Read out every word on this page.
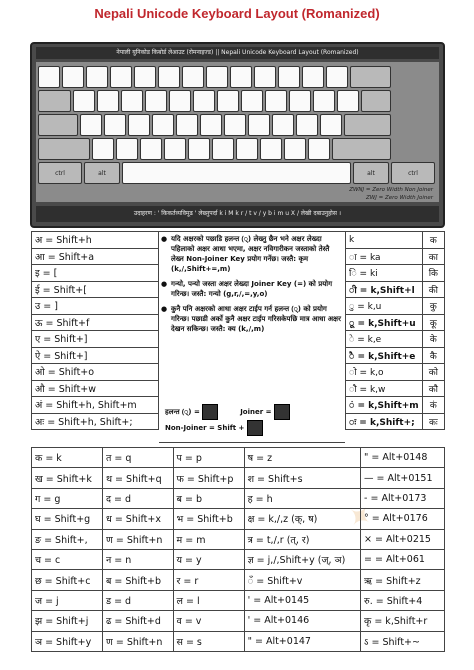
Nepali Unicode Keyboard Layout (Romanized)
नेपाली युनिकोड किबोर्ड लेआउट (रोमनाइज्ड) || Nepali Unicode Keyboard Layout (Romanized)
ctrl	alt	alt	ctrl
ZWNJ = Zero Width Non Joiner
ZWJ = Zero Width Joiner
उदाहरण : ' किकर्तव्यविमूढ ' लेख्नुपर्दा k i M k r / t v / y b i m u X / लेखी दबाउनुहोस ।
अ = Shift+h
आ = Shift+a
इ = [
ई = Shift+[
उ = ]
ऊ = Shift+f
ए = Shift+]
ऐ = Shift+]
ओ = Shift+o
औ = Shift+w
अं = Shift+h, Shift+m
अः = Shift+h, Shift+;
✦

● यदि अक्षरको पछाडि हलन्त (्) लेख्नु छैन भने अक्षर लेख्दा पहिलाको अक्षर आधा भएमा, अक्षर नविगारीकन जस्ताको तेस्तै लेख्न Non-Joiner Key प्रयोग गर्नेछ। जस्तै: कृम (k,/,Shift+=,m)

● गन्यो, पन्यो जस्ता अक्षर लेख्दा Joiner Key (=) को प्रयोग गरिन्छ। जस्तै: गन्यो (g,r,/,=,y,o)

● कुनै पनि अक्षरको आधा अक्षर टाईप गर्न हलन्त (्) को प्रयोग गरिन्छ। पछाडी अर्को कुनै अक्षर टाईप गरिसकेपछि मात्र आधा अक्षर देखन सकिन्छ। जस्तै: क्य (k,/,m)

हलन्त (्) =	Joiner =
Non-Joiner = Shift +
k	क
ा = ka	का
ि = ki	कि
ी = k,Shift+l	की
ु = k,u	कु
ू = k,Shift+u	कू
े = k,e	के
ै = k,Shift+e	कै
ो = k,o	को
ौ = k,w	कौ
ं = k,Shift+m	कं
ः = k,Shift+;	कः
क = k	त = q	प = p	ष = z	" = Alt+0148
ख = Shift+k	थ = Shift+q	फ = Shift+p	श = Shift+s	— = Alt+0151
ग = g	द = d	ब = b	ह = h	- = Alt+0173
घ = Shift+g	ध = Shift+x	भ = Shift+b	क्ष = k,/,z (क्‌, ष)	° = Alt+0176
ङ = Shift+,	ण = Shift+n	म = m	त्र = t,/,r (त्‌, र)	× = Alt+0215
च = c	न = n	य = y	ज्ञ = j,/,Shift+y (ज्‌, ञ)	= = Alt+061
छ = Shift+c	ब = Shift+b	र = r	ँ = Shift+v	ऋ = Shift+z
ज = j	ड = d	ल = l	' = Alt+0145	रु. = Shift+4
झ = Shift+j	ढ = Shift+d	व = v	' = Alt+0146	कृ = k,Shift+r
ञ = Shift+y	ण = Shift+n	स = s	" = Alt+0147	ऽ = Shift+~
